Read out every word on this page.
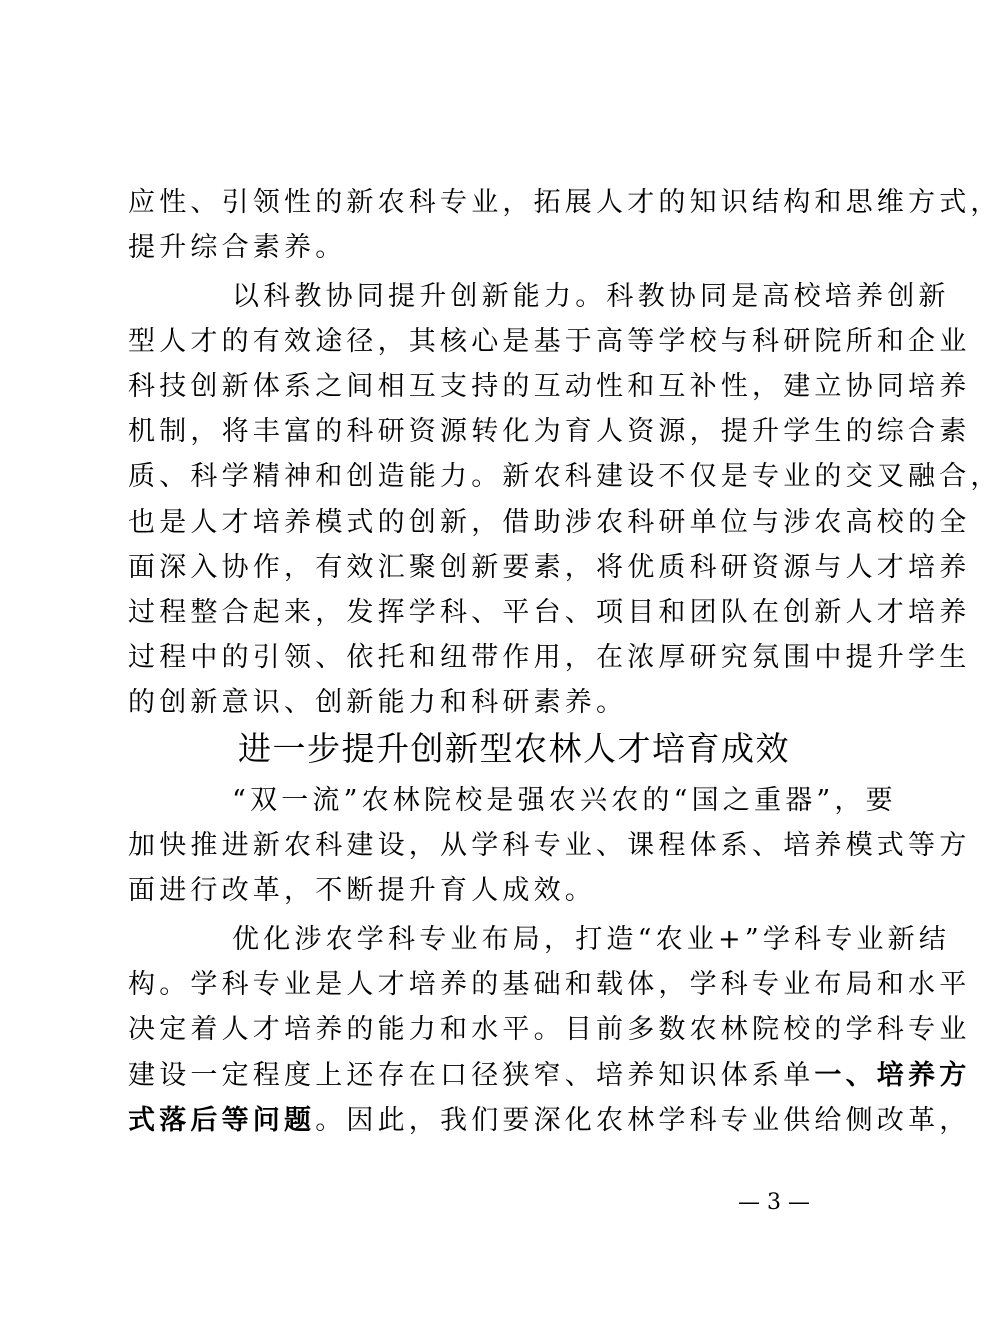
应性、引领性的新农科专业，拓展人才的知识结构和思维方式，
提升综合素养。
以科教协同提升创新能力。科教协同是高校培养创新
型人才的有效途径，其核心是基于高等学校与科研院所和企业
科技创新体系之间相互支持的互动性和互补性，建立协同培养
机制，将丰富的科研资源转化为育人资源，提升学生的综合素
质、科学精神和创造能力。新农科建设不仅是专业的交叉融合，
也是人才培养模式的创新，借助涉农科研单位与涉农高校的全
面深入协作，有效汇聚创新要素，将优质科研资源与人才培养
过程整合起来，发挥学科、平台、项目和团队在创新人才培养
过程中的引领、依托和纽带作用，在浓厚研究氛围中提升学生
的创新意识、创新能力和科研素养。
进一步提升创新型农林人才培育成效
“双一流”农林院校是强农兴农的“国之重器”，要
加快推进新农科建设，从学科专业、课程体系、培养模式等方
面进行改革，不断提升育人成效。
优化涉农学科专业布局，打造“农业+”学科专业新结
构。学科专业是人才培养的基础和载体，学科专业布局和水平
决定着人才培养的能力和水平。目前多数农林院校的学科专业
建设一定程度上还存在口径狭窄、培养知识体系单一、培养方
式落后等问题。因此，我们要深化农林学科专业供给侧改革，
— 3 —
